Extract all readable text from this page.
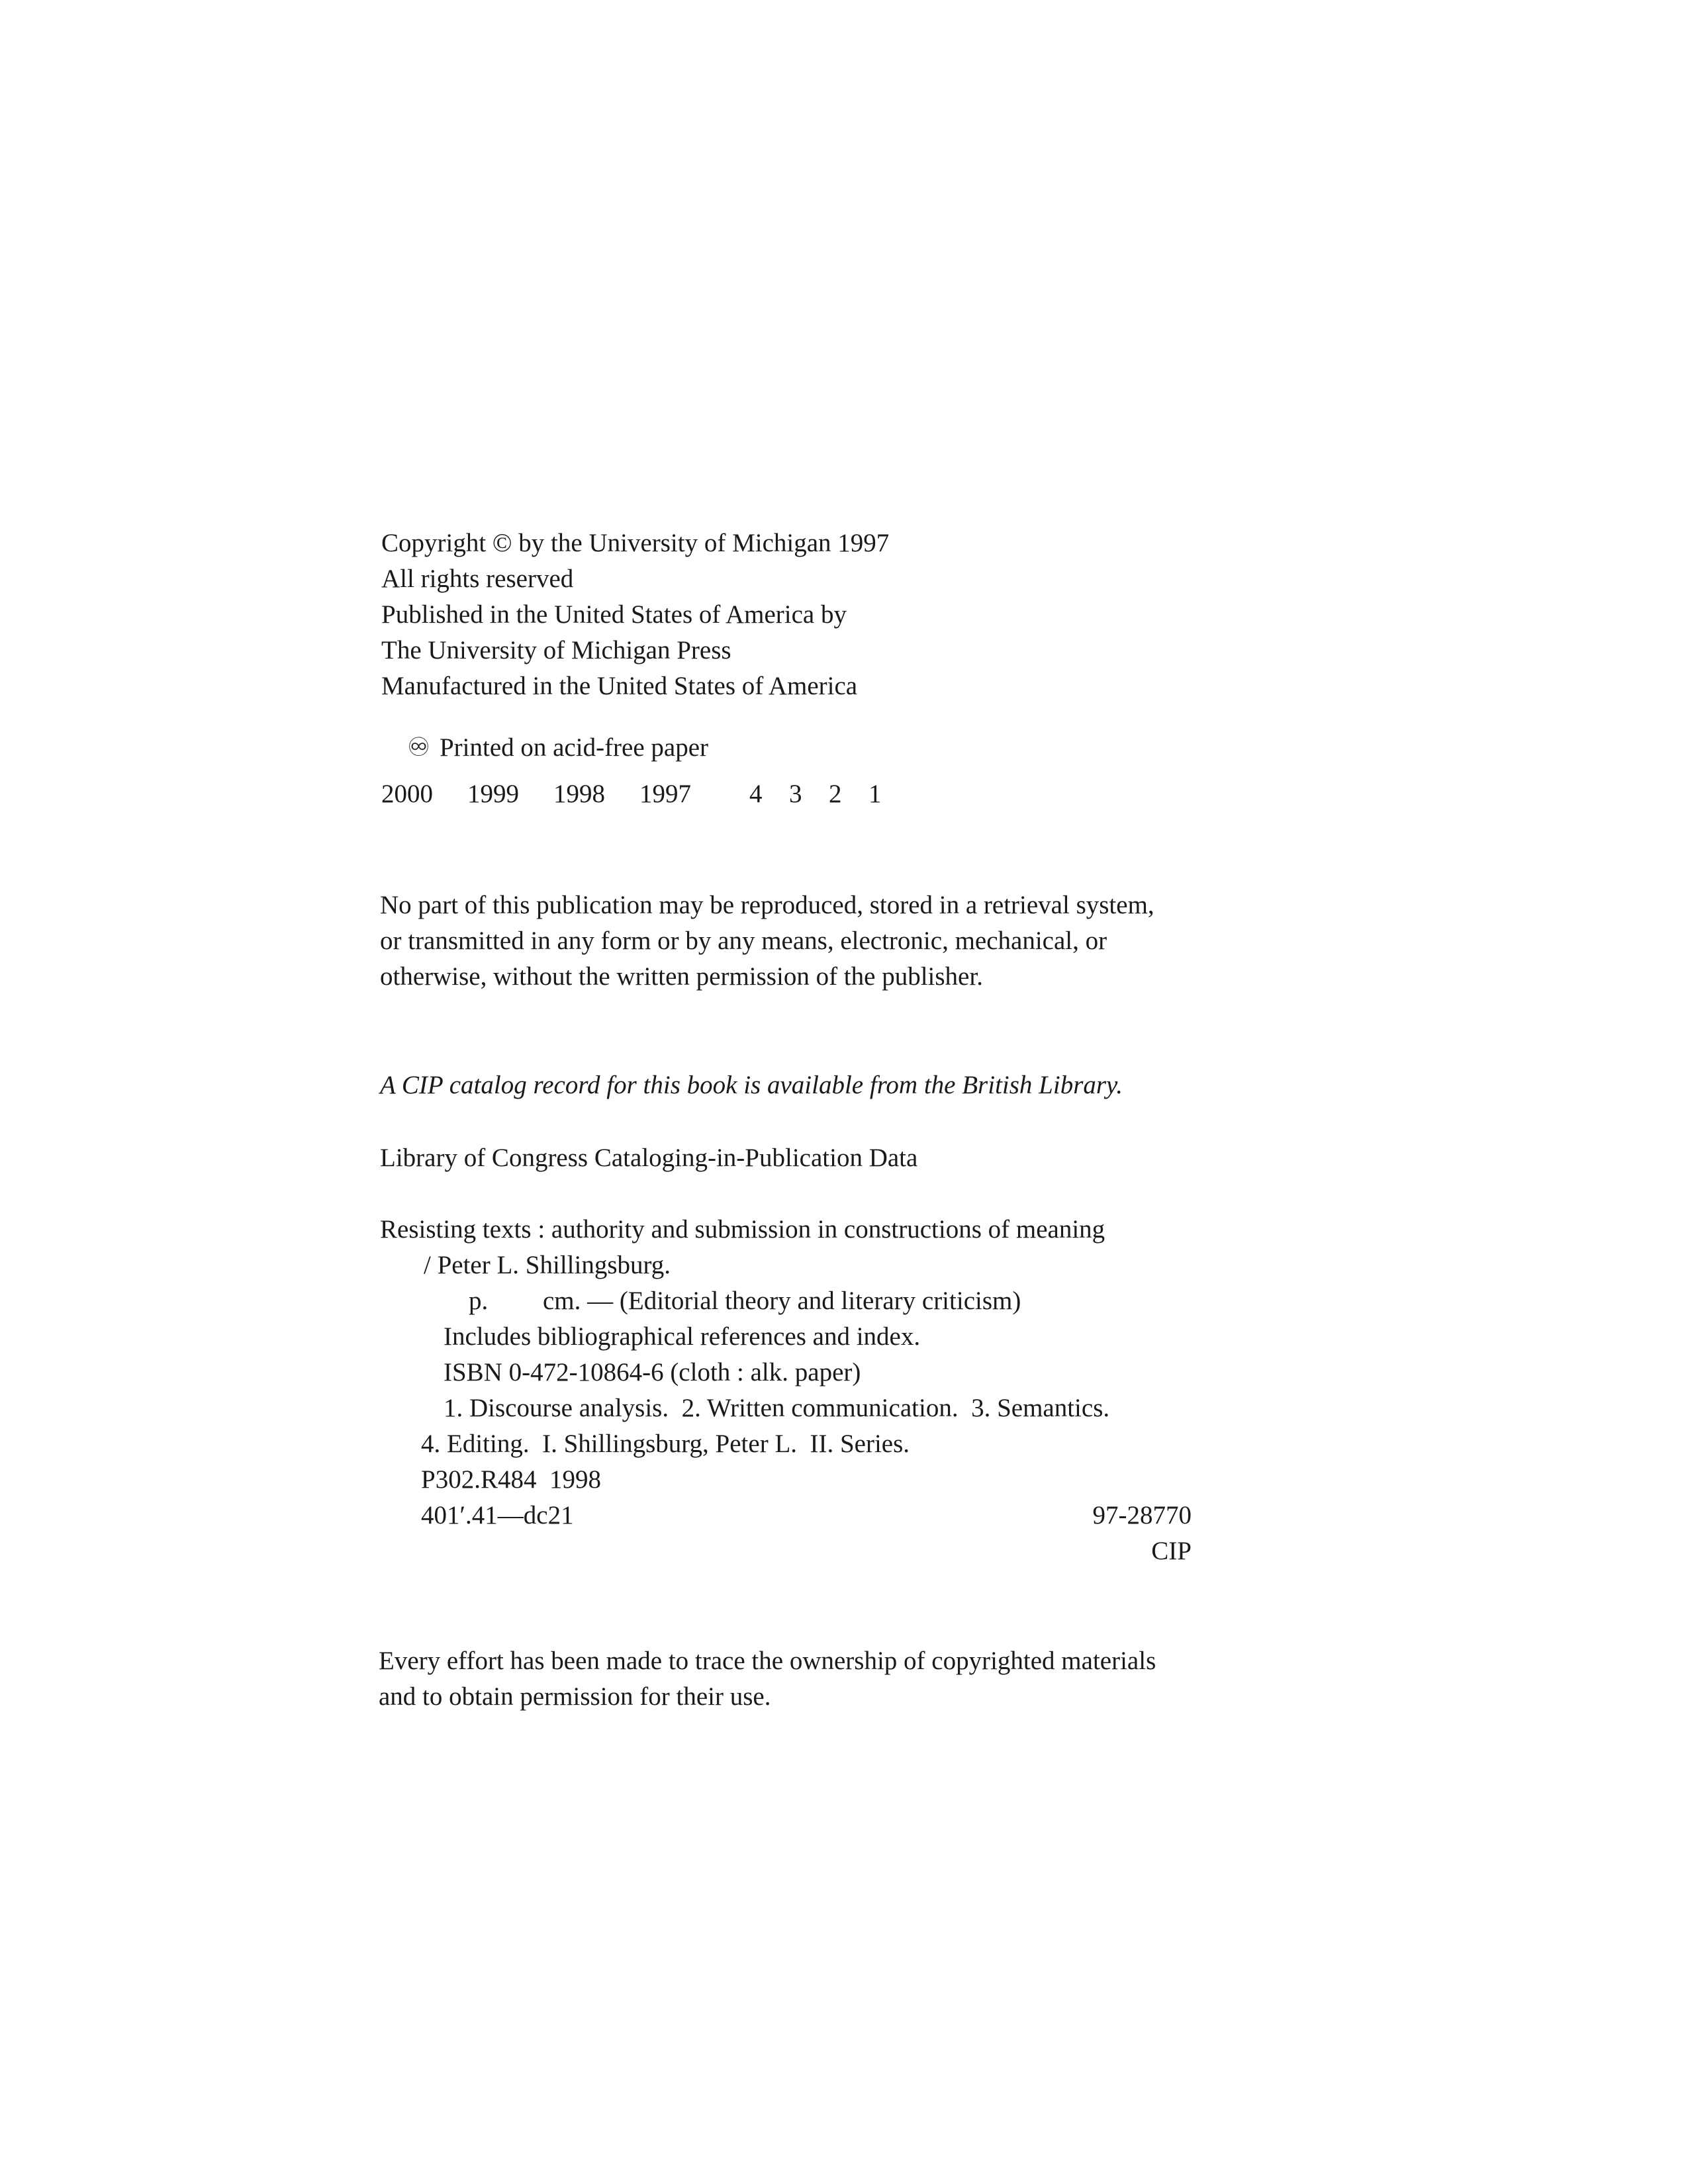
Copyright © by the University of Michigan 1997
All rights reserved
Published in the United States of America by
The University of Michigan Press
Manufactured in the United States of America

♾ Printed on acid-free paper

2000 1999 1998 1997 4 3 2 1
No part of this publication may be reproduced, stored in a retrieval system,
or transmitted in any form or by any means, electronic, mechanical, or
otherwise, without the written permission of the publisher.
A CIP catalog record for this book is available from the British Library.
Library of Congress Cataloging-in-Publication Data
Resisting texts : authority and submission in constructions of meaning
/ Peter L. Shillingsburg.
p. cm. — (Editorial theory and literary criticism)
Includes bibliographical references and index.
ISBN 0-472-10864-6 (cloth : alk. paper)
1. Discourse analysis.  2. Written communication.  3. Semantics.
4. Editing.  I. Shillingsburg, Peter L.  II. Series.
P302.R484  1998
401′.41—dc21	97-28770
CIP
Every effort has been made to trace the ownership of copyrighted materials
and to obtain permission for their use.
